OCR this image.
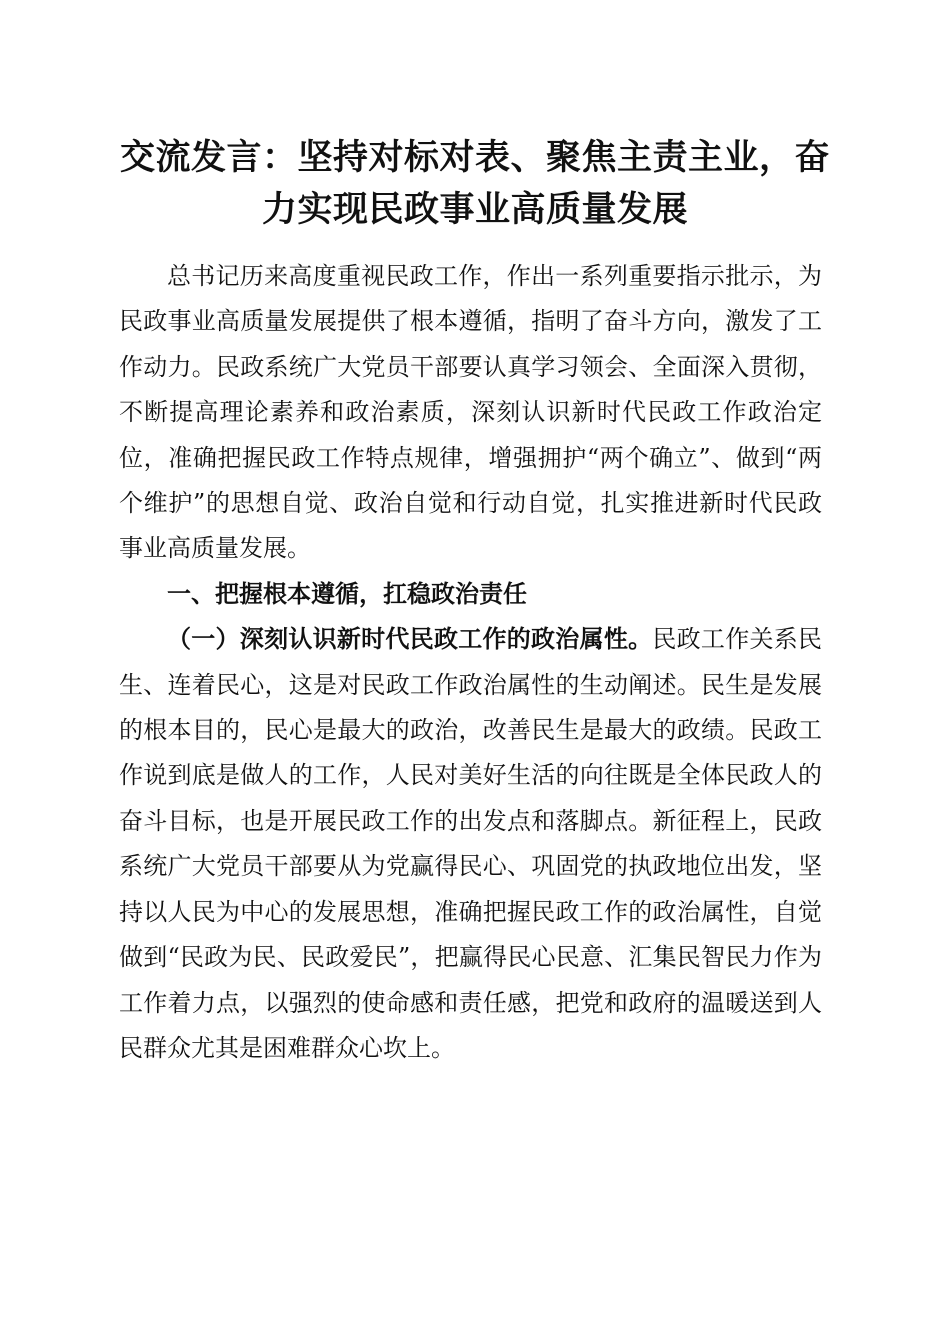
交流发言：坚持对标对表、聚焦主责主业，奋
力实现民政事业高质量发展

总书记历来高度重视民政工作，作出一系列重要指示批示，为民政事业高质量发展提供了根本遵循，指明了奋斗方向，激发了工作动力。民政系统广大党员干部要认真学习领会、全面深入贯彻，不断提高理论素养和政治素质，深刻认识新时代民政工作政治定位，准确把握民政工作特点规律，增强拥护“两个确立”、做到“两个维护”的思想自觉、政治自觉和行动自觉，扎实推进新时代民政事业高质量发展。

一、把握根本遵循，扛稳政治责任

（一）深刻认识新时代民政工作的政治属性。民政工作关系民生、连着民心，这是对民政工作政治属性的生动阐述。民生是发展的根本目的，民心是最大的政治，改善民生是最大的政绩。民政工作说到底是做人的工作，人民对美好生活的向往既是全体民政人的奋斗目标，也是开展民政工作的出发点和落脚点。新征程上，民政系统广大党员干部要从为党赢得民心、巩固党的执政地位出发，坚持以人民为中心的发展思想，准确把握民政工作的政治属性，自觉做到“民政为民、民政爱民”，把赢得民心民意、汇集民智民力作为工作着力点，以强烈的使命感和责任感，把党和政府的温暖送到人民群众尤其是困难群众心坎上。
